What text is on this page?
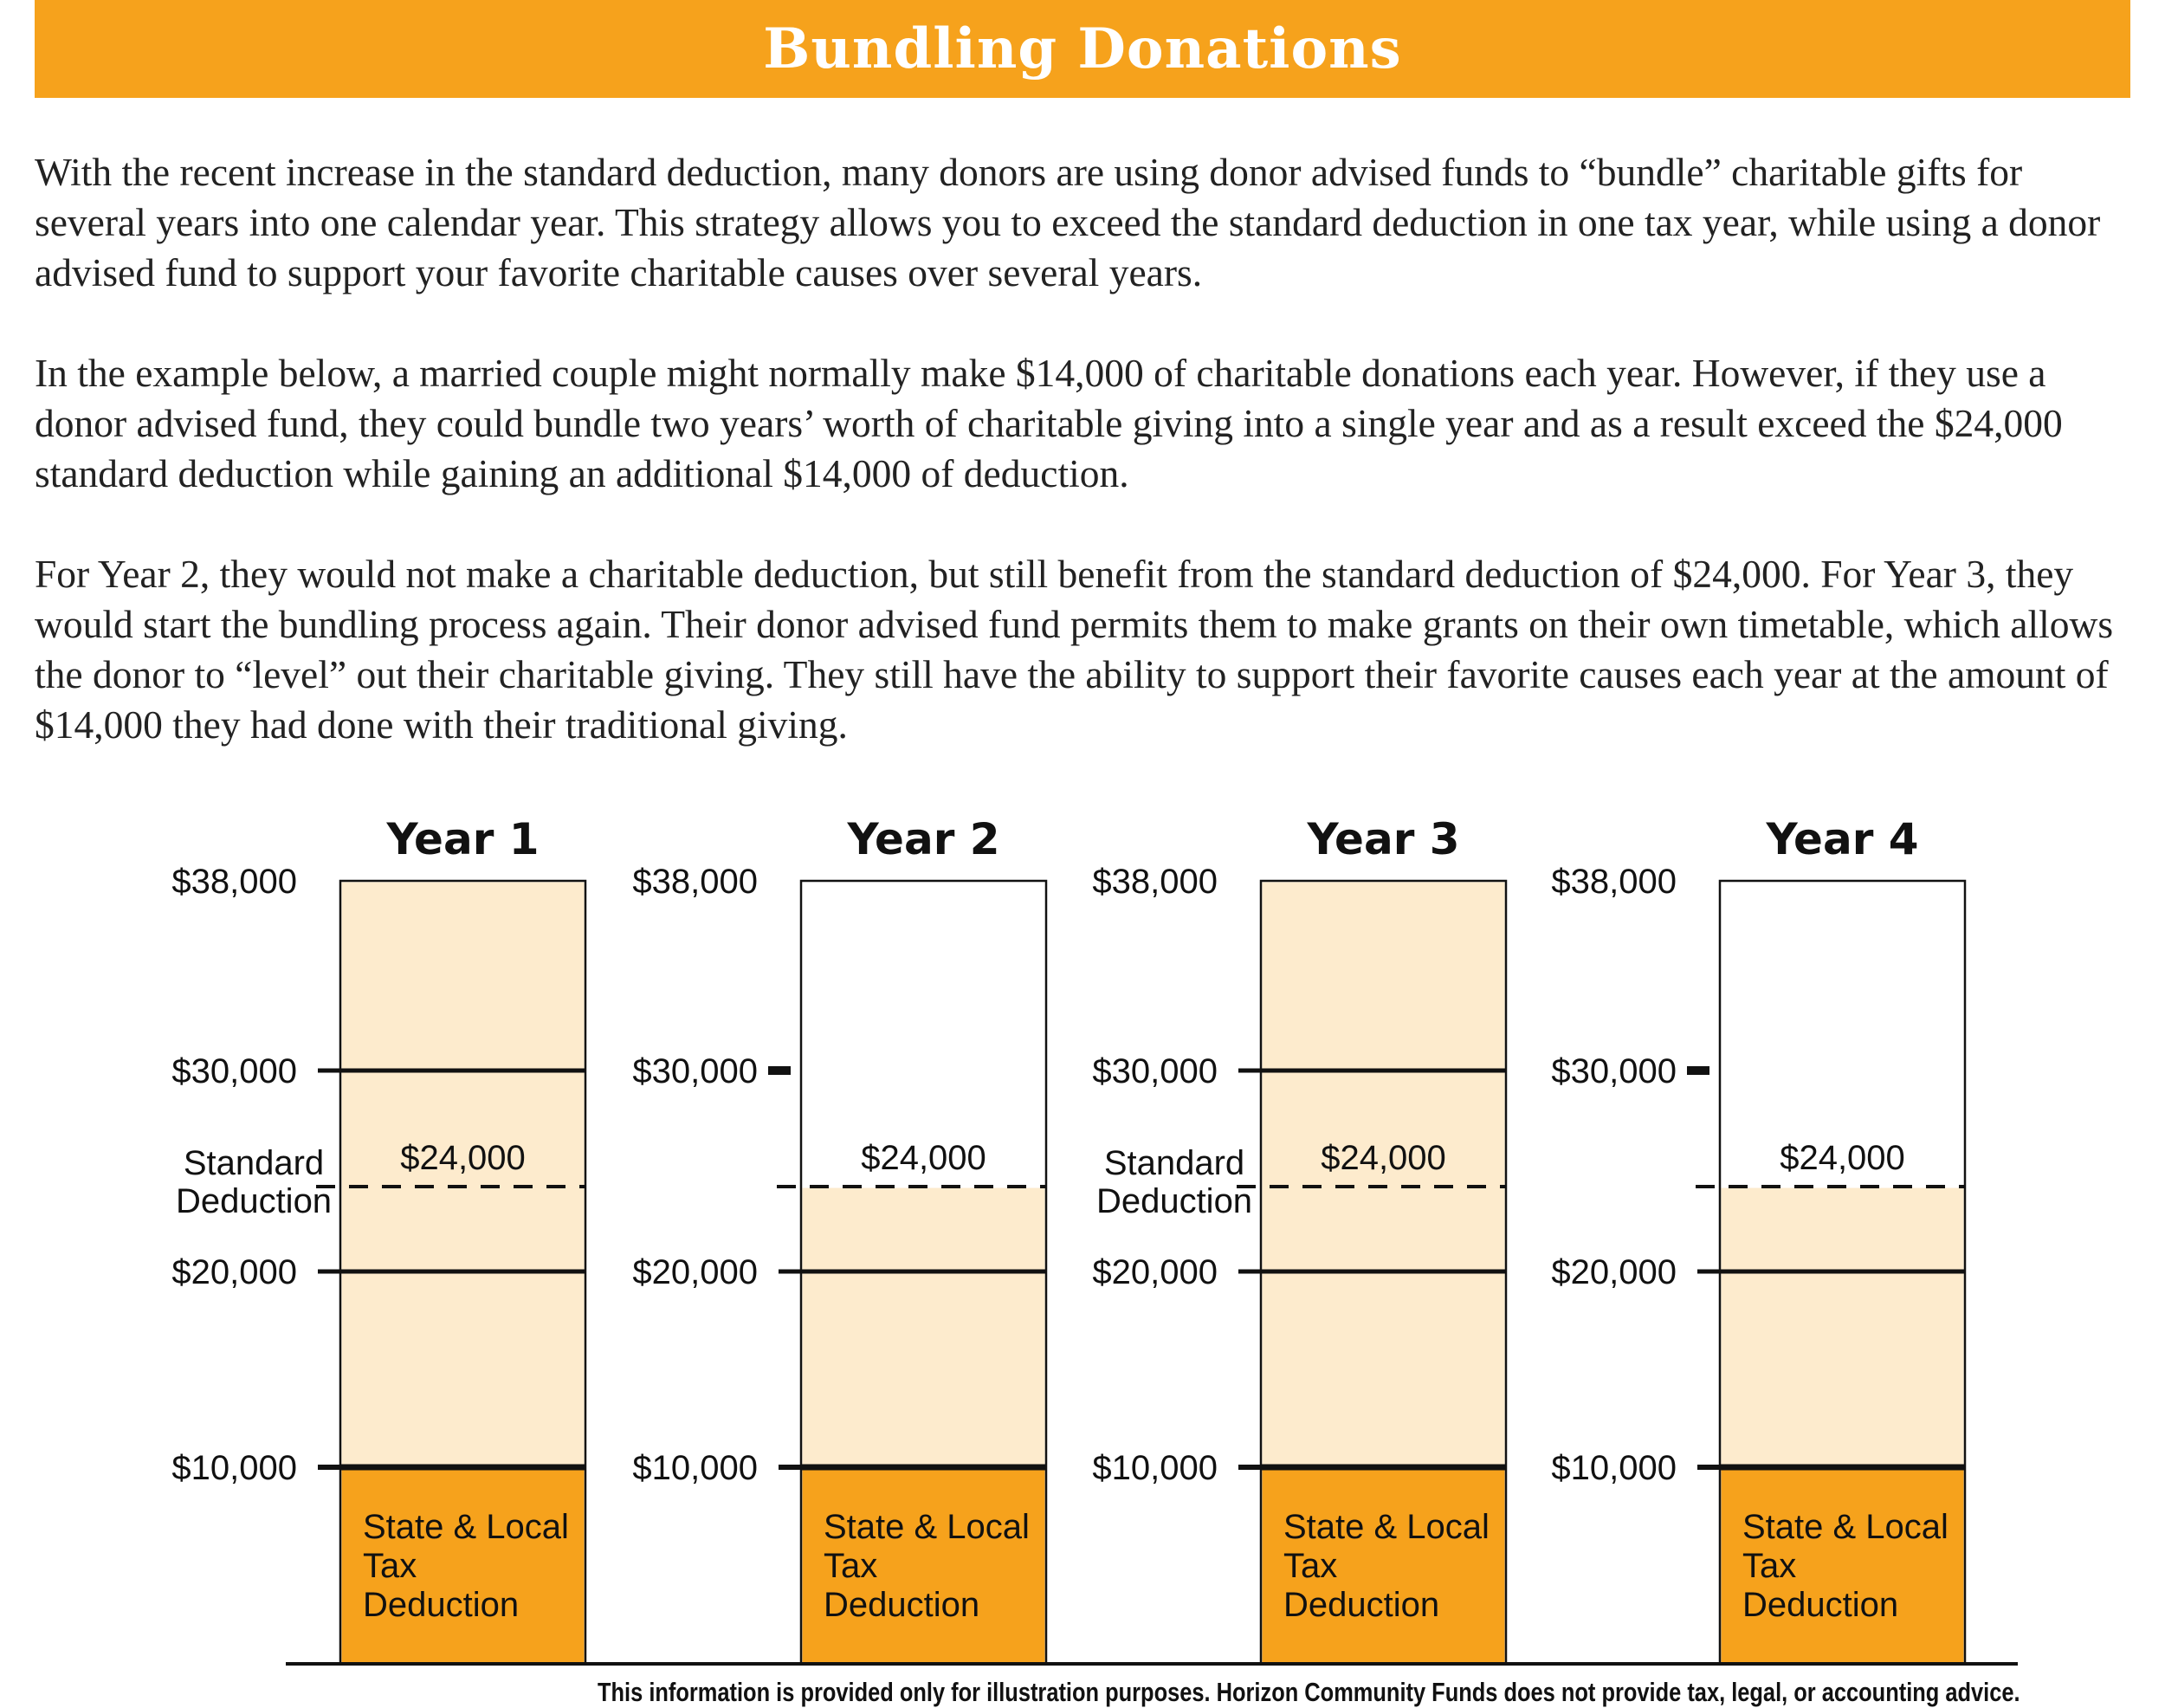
Bundling Donations

With the recent increase in the standard deduction, many donors are using donor advised funds to “bundle” charitable gifts for several years into one calendar year. This strategy allows you to exceed the standard deduction in one tax year, while using a donor advised fund to support your favorite charitable causes over several years.

In the example below, a married couple might normally make $14,000 of charitable donations each year. However, if they use a donor advised fund, they could bundle two years’ worth of charitable giving into a single year and as a result exceed the $24,000 standard deduction while gaining an additional $14,000 of deduction.

For Year 2, they would not make a charitable deduction, but still benefit from the standard deduction of $24,000. For Year 3, they would start the bundling process again. Their donor advised fund permits them to make grants on their own timetable, which allows the donor to “level” out their charitable giving. They still have the ability to support their favorite causes each year at the amount of $14,000 they had done with their traditional giving.

Year 1
State & Local
Tax
Deduction
$10,000
$20,000
$30,000
$38,000
$24,000
Standard Deduction
Year 2
State & Local
Tax
Deduction
$10,000
$20,000
$30,000
$38,000
$24,000
Year 3
State & Local
Tax
Deduction
$10,000
$20,000
$30,000
$38,000
$24,000
Standard Deduction
Year 4
State & Local
Tax
Deduction
$10,000
$20,000
$30,000
$38,000
$24,000
This information is provided only for illustration purposes. Horizon Community Funds does not provide tax, legal, or accounting advice.
